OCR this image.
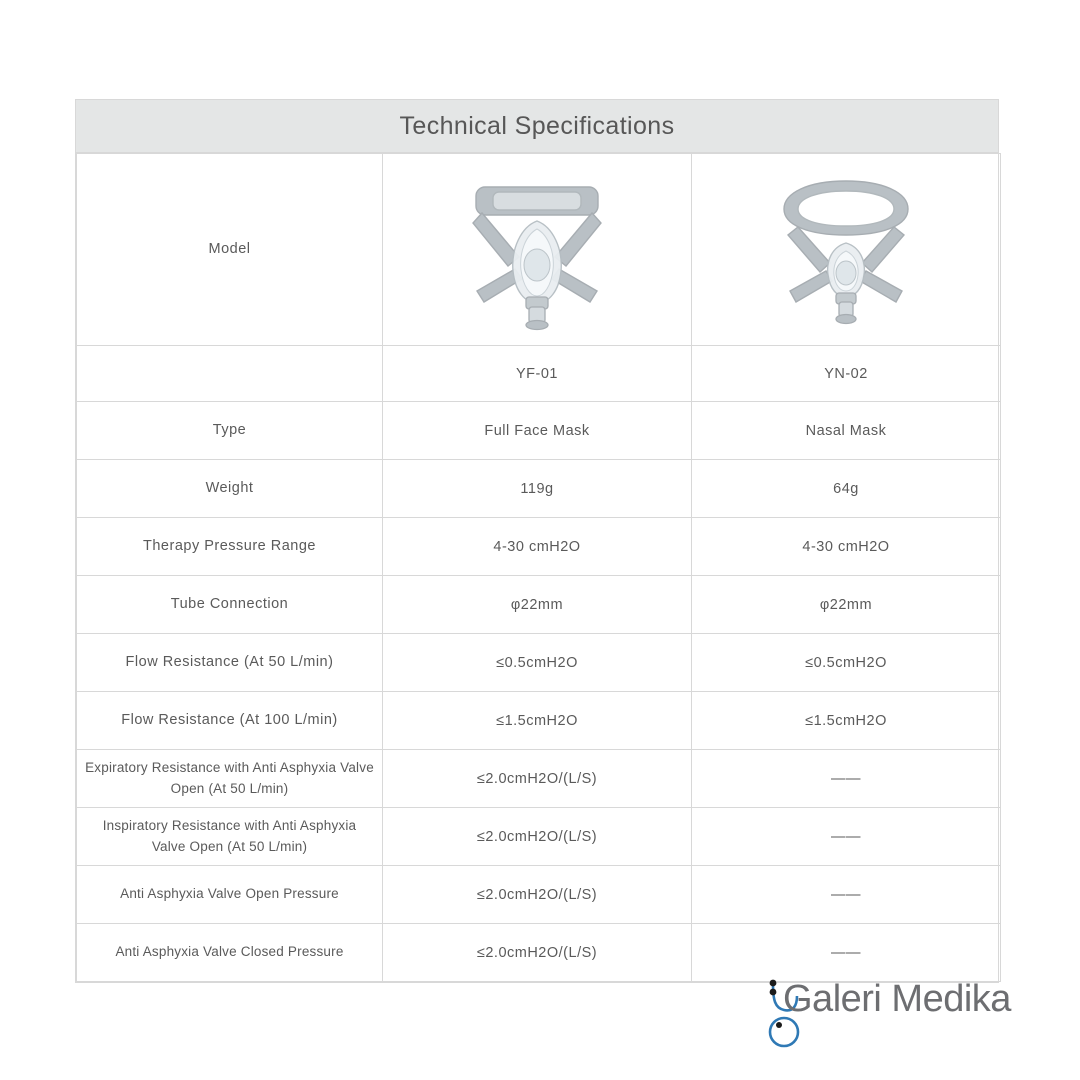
Technical Specifications
Model	

	YF-01	YN-02
Type	Full Face Mask	Nasal Mask
Weight	119g	64g
Therapy Pressure Range	4-30 cmH2O	4-30 cmH2O
Tube Connection	φ22mm	φ22mm
Flow Resistance (At 50 L/min)	≤0.5cmH2O	≤0.5cmH2O
Flow Resistance (At 100 L/min)	≤1.5cmH2O	≤1.5cmH2O
Expiratory Resistance with Anti Asphyxia Valve Open (At 50 L/min)	≤2.0cmH2O/(L/S)	——
Inspiratory Resistance with Anti Asphyxia Valve Open (At 50 L/min)	≤2.0cmH2O/(L/S)	——
Anti Asphyxia Valve Open Pressure	≤2.0cmH2O/(L/S)	——
Anti Asphyxia Valve Closed Pressure	≤2.0cmH2O/(L/S)	——
Galeri Medika
